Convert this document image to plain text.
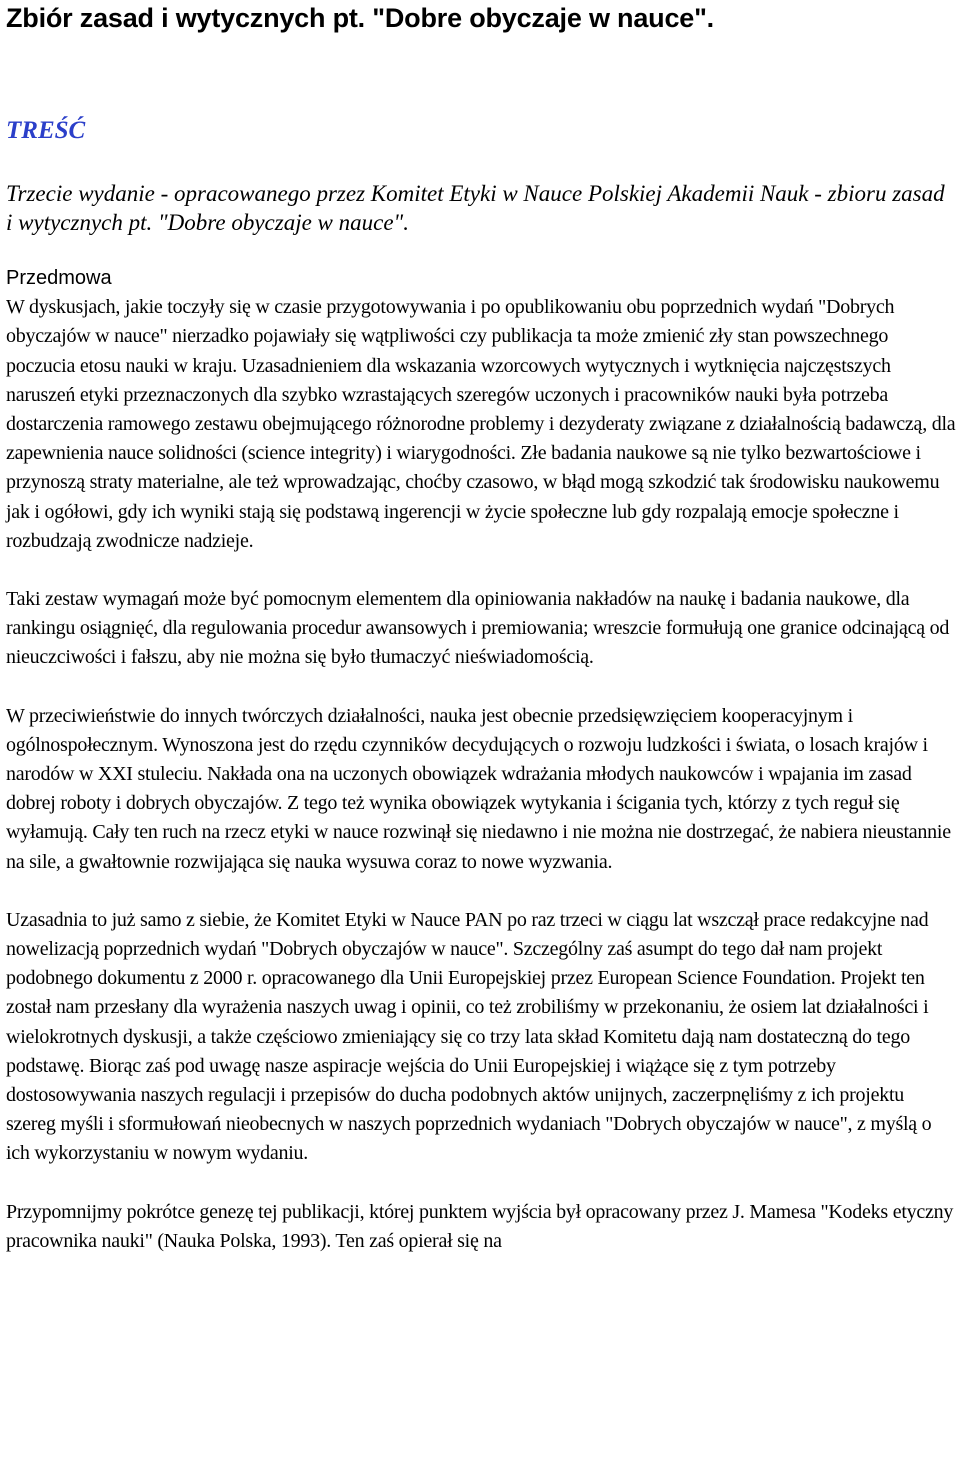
Zbiór zasad i wytycznych pt. "Dobre obyczaje w nauce".
TREŚĆ

Trzecie wydanie - opracowanego przez Komitet Etyki w Nauce Polskiej Akademii Nauk - zbioru zasad i wytycznych pt. "Dobre obyczaje w nauce".

Przedmowa

W dyskusjach, jakie toczyły się w czasie przygotowywania i po opublikowaniu obu poprzednich wydań "Dobrych obyczajów w nauce" nierzadko pojawiały się wątpliwości czy publikacja ta może zmienić zły stan powszechnego poczucia etosu nauki w kraju. Uzasadnieniem dla wskazania wzorcowych wytycznych i wytknięcia najczęstszych naruszeń etyki przeznaczonych dla szybko wzrastających szeregów uczonych i pracowników nauki była potrzeba dostarczenia ramowego zestawu obejmującego różnorodne problemy i dezyderaty związane z działalnością badawczą, dla zapewnienia nauce solidności (science integrity) i wiarygodności. Złe badania naukowe są nie tylko bezwartościowe i przynoszą straty materialne, ale też wprowadzając, choćby czasowo, w błąd mogą szkodzić tak środowisku naukowemu jak i ogółowi, gdy ich wyniki stają się podstawą ingerencji w życie społeczne lub gdy rozpalają emocje społeczne i rozbudzają zwodnicze nadzieje.

Taki zestaw wymagań może być pomocnym elementem dla opiniowania nakładów na naukę i badania naukowe, dla rankingu osiągnięć, dla regulowania procedur awansowych i premiowania; wreszcie formułują one granice odcinającą od nieuczciwości i fałszu, aby nie można się było tłumaczyć nieświadomością.

W przeciwieństwie do innych twórczych działalności, nauka jest obecnie przedsięwzięciem kooperacyjnym i ogólnospołecznym. Wynoszona jest do rzędu czynników decydujących o rozwoju ludzkości i świata, o losach krajów i narodów w XXI stuleciu. Nakłada ona na uczonych obowiązek wdrażania młodych naukowców i wpajania im zasad dobrej roboty i dobrych obyczajów. Z tego też wynika obowiązek wytykania i ścigania tych, którzy z tych reguł się wyłamują. Cały ten ruch na rzecz etyki w nauce rozwinął się niedawno i nie można nie dostrzegać, że nabiera nieustannie na sile, a gwałtownie rozwijająca się nauka wysuwa coraz to nowe wyzwania.

Uzasadnia to już samo z siebie, że Komitet Etyki w Nauce PAN po raz trzeci w ciągu lat wszczął prace redakcyjne nad nowelizacją poprzednich wydań "Dobrych obyczajów w nauce". Szczególny zaś asumpt do tego dał nam projekt podobnego dokumentu z 2000 r. opracowanego dla Unii Europejskiej przez European Science Foundation. Projekt ten został nam przesłany dla wyrażenia naszych uwag i opinii, co też zrobiliśmy w przekonaniu, że osiem lat działalności i wielokrotnych dyskusji, a także częściowo zmieniający się co trzy lata skład Komitetu dają nam dostateczną do tego podstawę. Biorąc zaś pod uwagę nasze aspiracje wejścia do Unii Europejskiej i wiążące się z tym potrzeby dostosowywania naszych regulacji i przepisów do ducha podobnych aktów unijnych, zaczerpnęliśmy z ich projektu szereg myśli i sformułowań nieobecnych w naszych poprzednich wydaniach "Dobrych obyczajów w nauce", z myślą o ich wykorzystaniu w nowym wydaniu.

Przypomnijmy pokrótce genezę tej publikacji, której punktem wyjścia był opracowany przez J. Mamesa "Kodeks etyczny pracownika nauki" (Nauka Polska, 1993). Ten zaś opierał się na
